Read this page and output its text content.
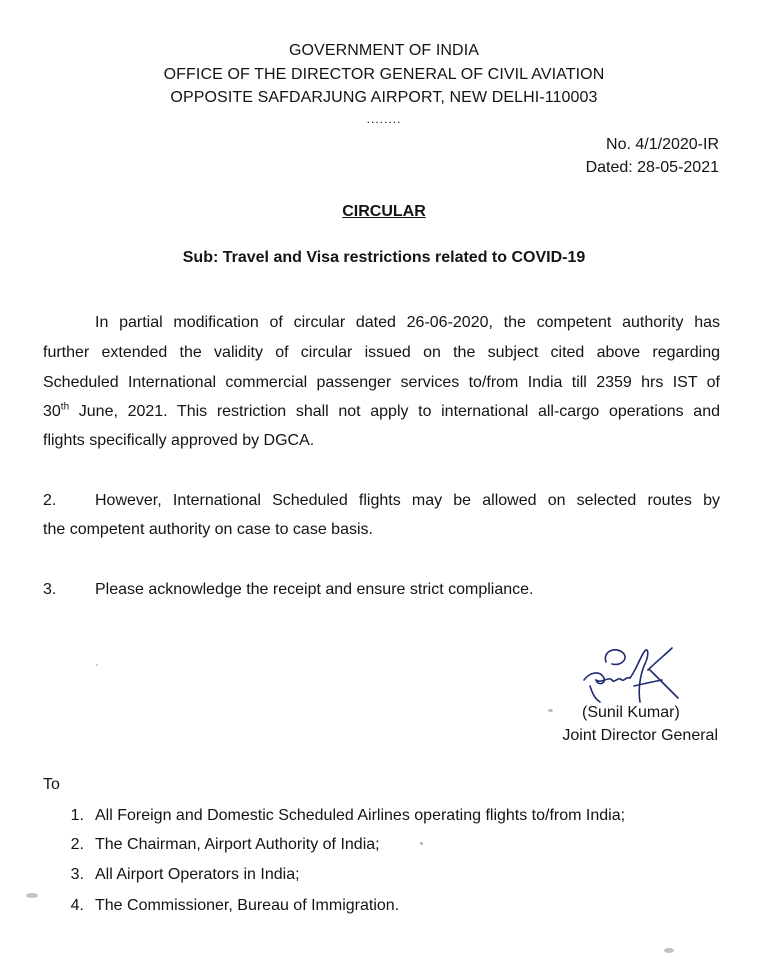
GOVERNMENT OF INDIA
OFFICE OF THE DIRECTOR GENERAL OF CIVIL AVIATION
OPPOSITE SAFDARJUNG AIRPORT, NEW DELHI-110003
........
No. 4/1/2020-IR
Dated: 28-05-2021
CIRCULAR
Sub: Travel and Visa restrictions related to COVID-19
In partial modification of circular dated 26-06-2020, the competent authority has
further extended the validity of circular issued on the subject cited above regarding
Scheduled International commercial passenger services to/from India till 2359 hrs IST of
30th June, 2021. This restriction shall not apply to international all-cargo operations and
flights specifically approved by DGCA.
2. However, International Scheduled flights may be allowed on selected routes by
the competent authority on case to case basis.
3. Please acknowledge the receipt and ensure strict compliance.
(Sunil Kumar)
Joint Director General
To
1. All Foreign and Domestic Scheduled Airlines operating flights to/from India;
2. The Chairman, Airport Authority of India;
3. All Airport Operators in India;
4. The Commissioner, Bureau of Immigration.
